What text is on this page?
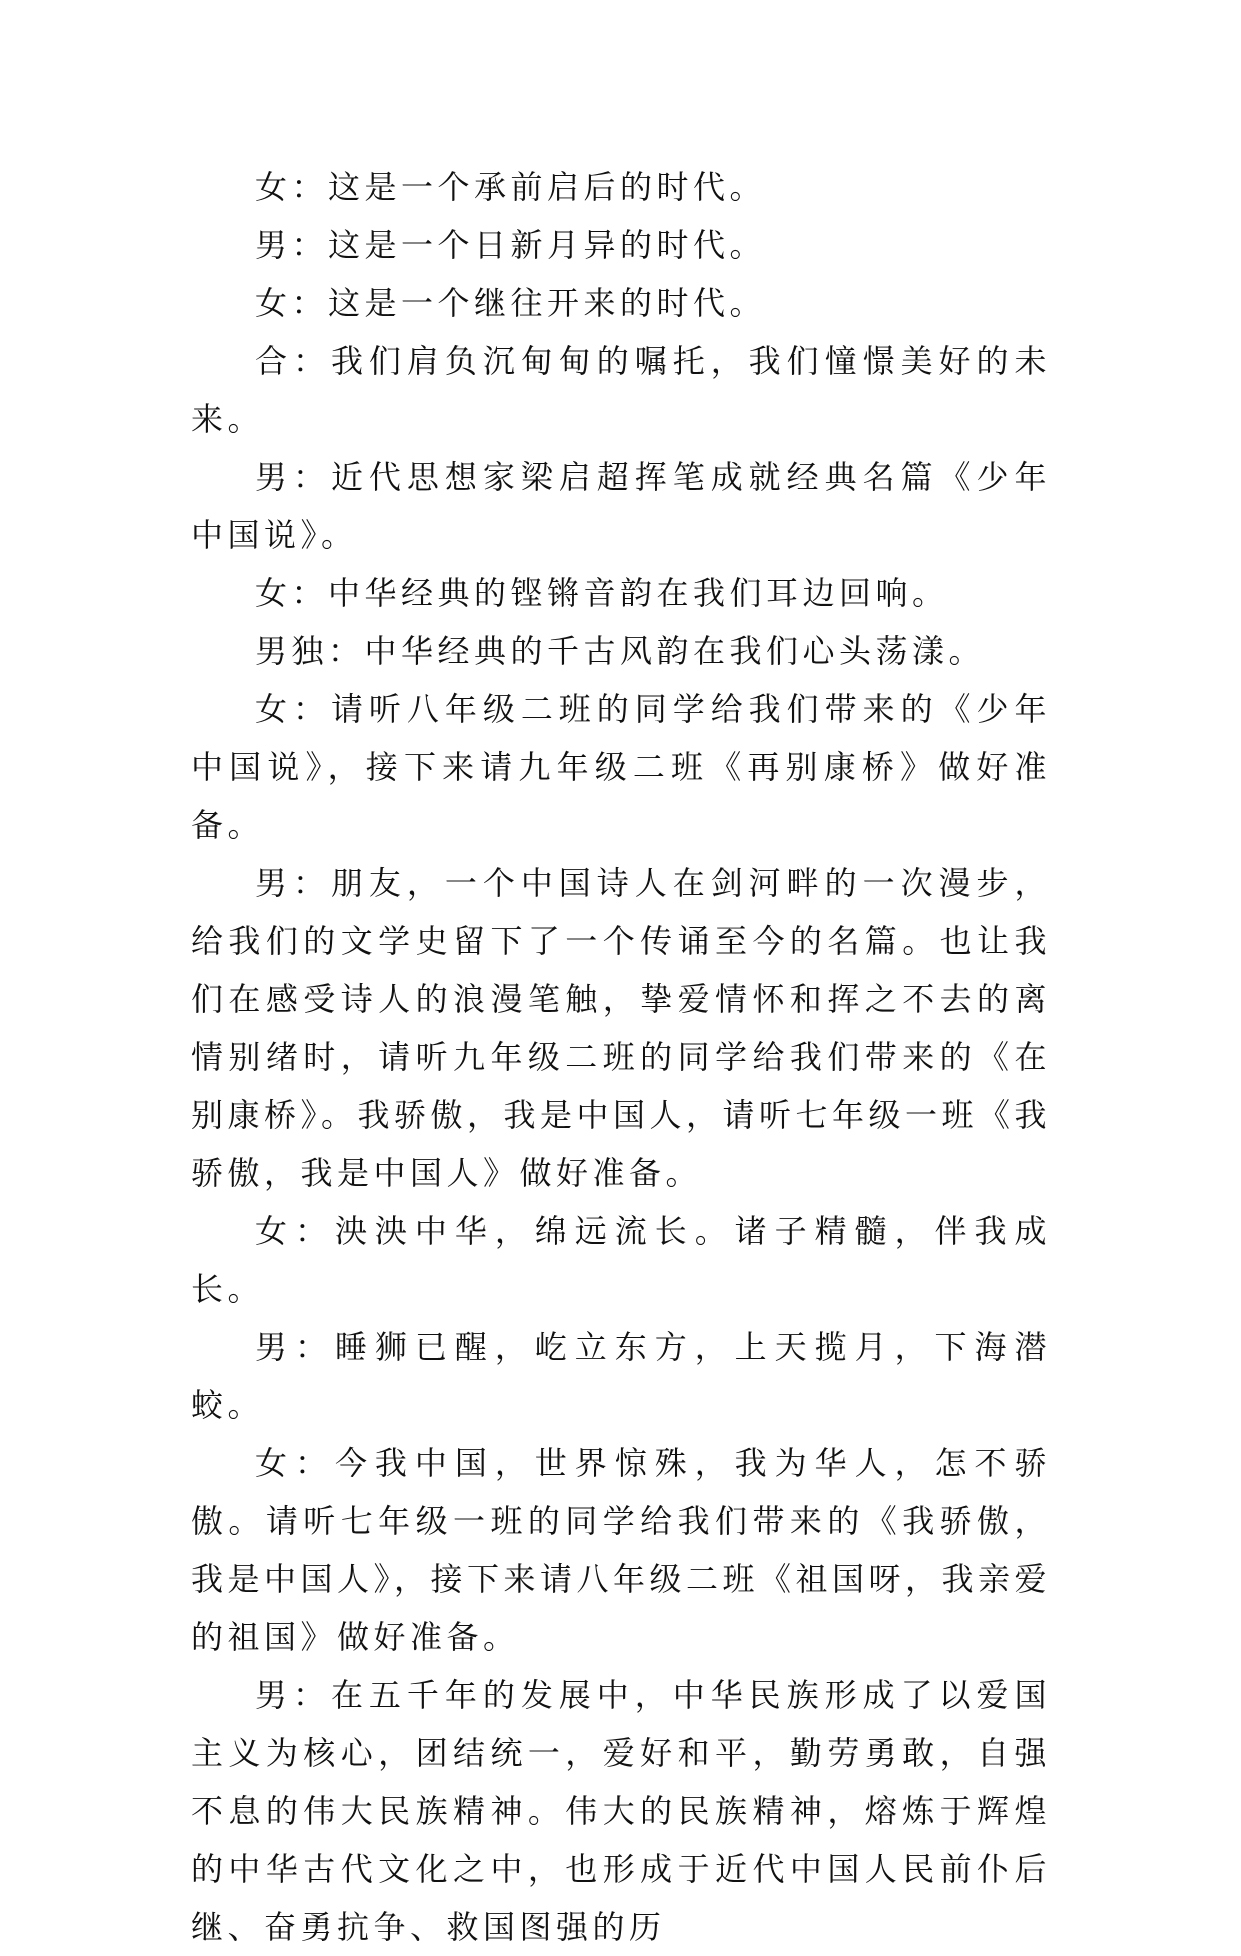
女：这是一个承前启后的时代。

男：这是一个日新月异的时代。

女：这是一个继往开来的时代。

合：我们肩负沉甸甸的嘱托，我们憧憬美好的未来。

男：近代思想家梁启超挥笔成就经典名篇《少年中国说》。

女：中华经典的铿锵音韵在我们耳边回响。

男独：中华经典的千古风韵在我们心头荡漾。

女：请听八年级二班的同学给我们带来的《少年中国说》，接下来请九年级二班《再别康桥》做好准备。

男：朋友，一个中国诗人在剑河畔的一次漫步，给我们的文学史留下了一个传诵至今的名篇。也让我们在感受诗人的浪漫笔触，挚爱情怀和挥之不去的离情别绪时，请听九年级二班的同学给我们带来的《在别康桥》。我骄傲，我是中国人，请听七年级一班《我骄傲，我是中国人》做好准备。

女：泱泱中华，绵远流长。诸子精髓，伴我成长。

男：睡狮已醒，屹立东方，上天揽月，下海潜蛟。

女：今我中国，世界惊殊，我为华人，怎不骄傲。请听七年级一班的同学给我们带来的《我骄傲，我是中国人》，接下来请八年级二班《祖国呀，我亲爱的祖国》做好准备。

男：在五千年的发展中，中华民族形成了以爱国主义为核心，团结统一，爱好和平，勤劳勇敢，自强不息的伟大民族精神。伟大的民族精神，熔炼于辉煌的中华古代文化之中，也形成于近代中国人民前仆后继、奋勇抗争、救国图强的历
